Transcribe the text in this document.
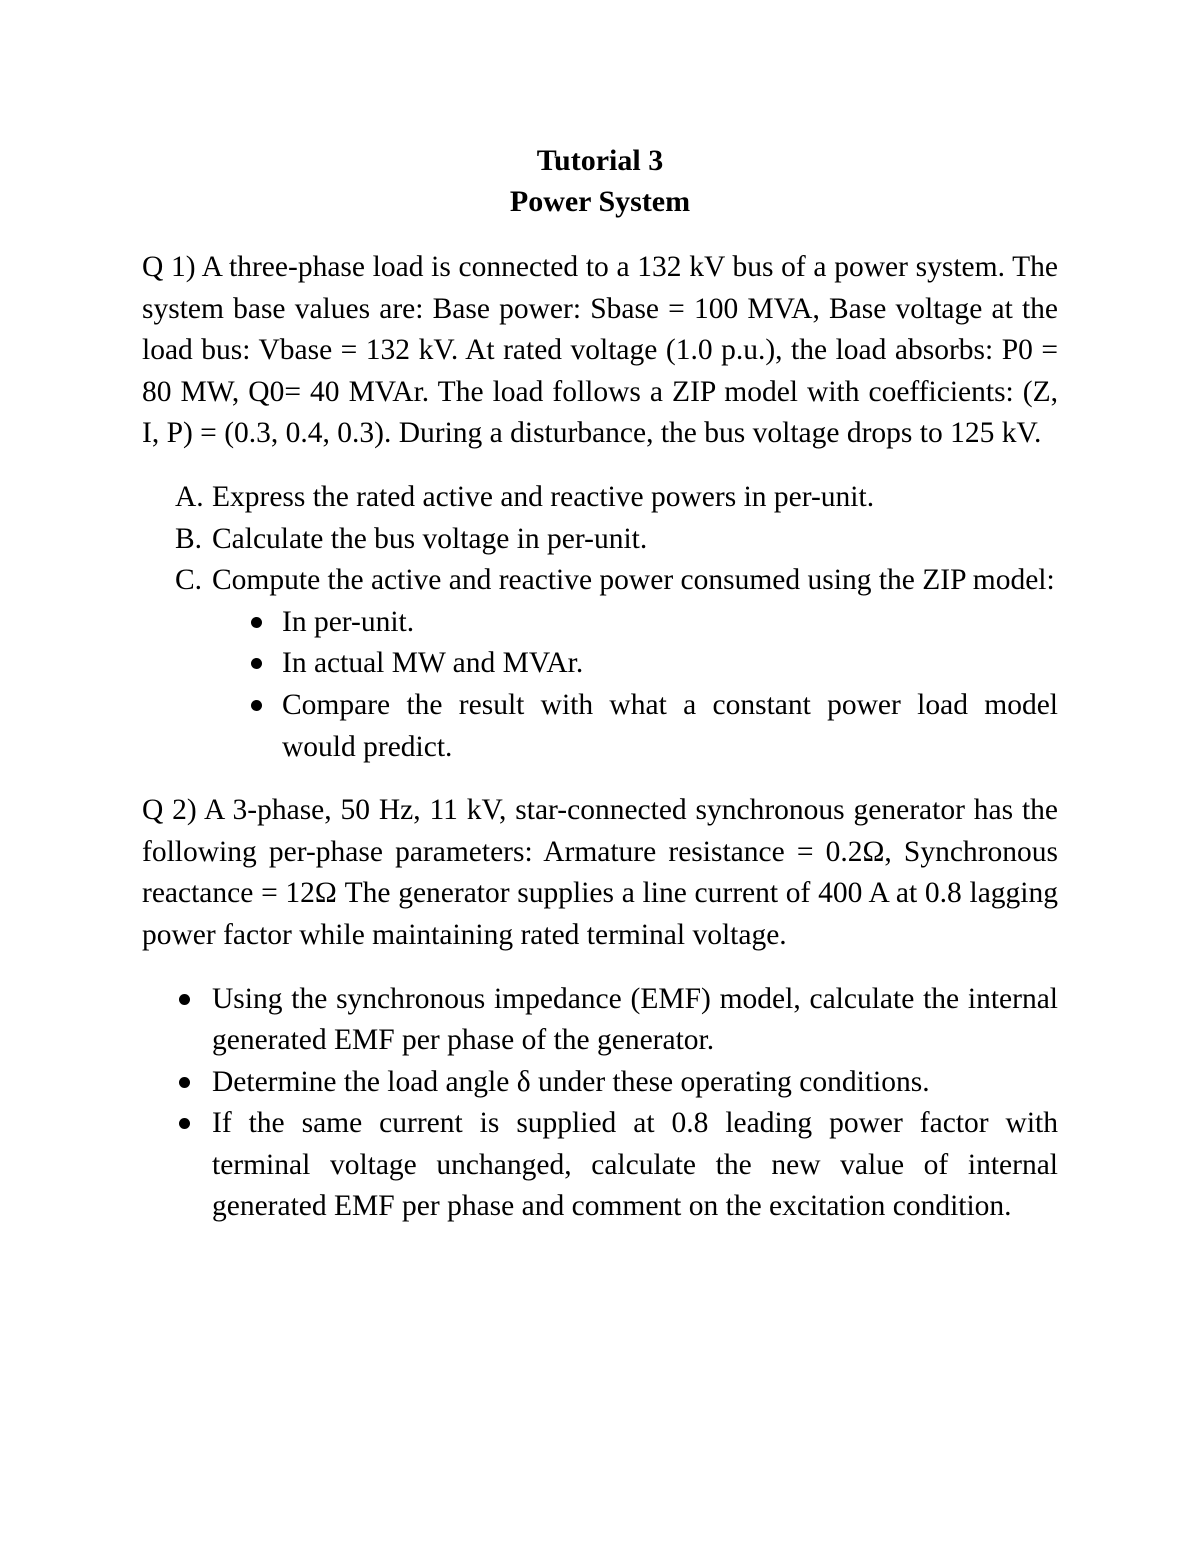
Tutorial 3

Power System

Q 1) A three-phase load is connected to a 132 kV bus of a power system. The system base values are: Base power: Sbase = 100 MVA, Base voltage at the load bus: Vbase = 132 kV. At rated voltage (1.0 p.u.), the load absorbs: P0 = 80 MW, Q0= 40 MVAr. The load follows a ZIP model with coefficients: (Z, I, P) = (0.3, 0.4, 0.3). During a disturbance, the bus voltage drops to 125 kV.

A. Express the rated active and reactive powers in per-unit.
B. Calculate the bus voltage in per-unit.
C. Compute the active and reactive power consumed using the ZIP model:
In per-unit.
In actual MW and MVAr.
Compare the result with what a constant power load model would predict.

Q 2) A 3-phase, 50 Hz, 11 kV, star-connected synchronous generator has the following per-phase parameters: Armature resistance = 0.2Ω, Synchronous reactance = 12Ω The generator supplies a line current of 400 A at 0.8 lagging power factor while maintaining rated terminal voltage.

Using the synchronous impedance (EMF) model, calculate the internal generated EMF per phase of the generator.
Determine the load angle δ under these operating conditions.
If the same current is supplied at 0.8 leading power factor with terminal voltage unchanged, calculate the new value of internal generated EMF per phase and comment on the excitation condition.
